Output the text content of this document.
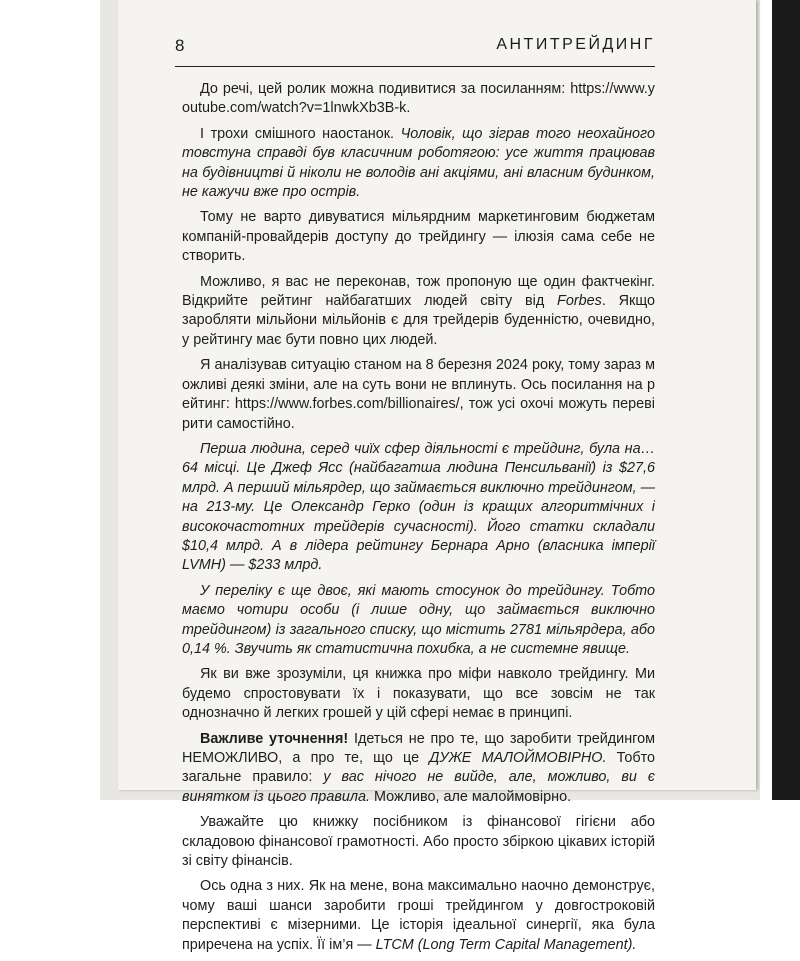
8	АНТИТРЕЙДИНГ

До речі, цей ролик можна подивитися за посиланням: https://www.youtube.com/watch?v=1lnwkXb3B-k.

І трохи смішного наостанок. Чоловік, що зіграв того неохайного товстуна справді був класичним роботягою: усе життя працював на будівництві й ніколи не володів ані акціями, ані власним будинком, не кажучи вже про острів.

Тому не варто дивуватися мільярдним маркетинговим бюджетам компаній-провайдерів доступу до трейдингу — ілюзія сама себе не створить.

Можливо, я вас не переконав, тож пропоную ще один фактчекінг. Відкрийте рейтинг найбагатших людей світу від Forbes. Якщо заробляти мільйони мільйонів є для трейдерів буденністю, очевидно, у рейтингу має бути повно цих людей.

Я аналізував ситуацію станом на 8 березня 2024 року, тому зараз можливі деякі зміни, але на суть вони не вплинуть. Ось посилання на рейтинг: https://www.forbes.com/billionaires/, тож усі охочі можуть перевірити самостійно.

Перша людина, серед чиїх сфер діяльності є трейдинг, була на… 64 місці. Це Джеф Ясс (найбагатша людина Пенсильванії) із $27,6 млрд. А перший мільярдер, що займається виключно трейдингом, — на 213-му. Це Олександр Герко (один із кращих алгоритмічних і високочастотних трейдерів сучасності). Його статки складали $10,4 млрд. А в лідера рейтингу Бернара Арно (власника імперії LVMH) — $233 млрд.

У переліку є ще двоє, які мають стосунок до трейдингу. Тобто маємо чотири особи (і лише одну, що займається виключно трейдингом) із загального списку, що містить 2781 мільярдера, або 0,14 %. Звучить як статистична похибка, а не системне явище.

Як ви вже зрозуміли, ця книжка про міфи навколо трейдингу. Ми будемо спростовувати їх і показувати, що все зовсім не так однозначно й легких грошей у цій сфері немає в принципі.

Важливе уточнення! Ідеться не про те, що заробити трейдингом НЕМОЖЛИВО, а про те, що це ДУЖЕ МАЛОЙМОВІРНО. Тобто загальне правило: у вас нічого не вийде, але, можливо, ви є винятком із цього правила. Можливо, але малоймовірно.

Уважайте цю книжку посібником із фінансової гігієни або складовою фінансової грамотності. Або просто збіркою цікавих історій зі світу фінансів.

Ось одна з них. Як на мене, вона максимально наочно демонструє, чому ваші шанси заробити гроші трейдингом у довгостроковій перспективі є мізерними. Це історія ідеальної синергії, яка була приречена на успіх. Її ім’я — LTCM (Long Term Capital Management).
